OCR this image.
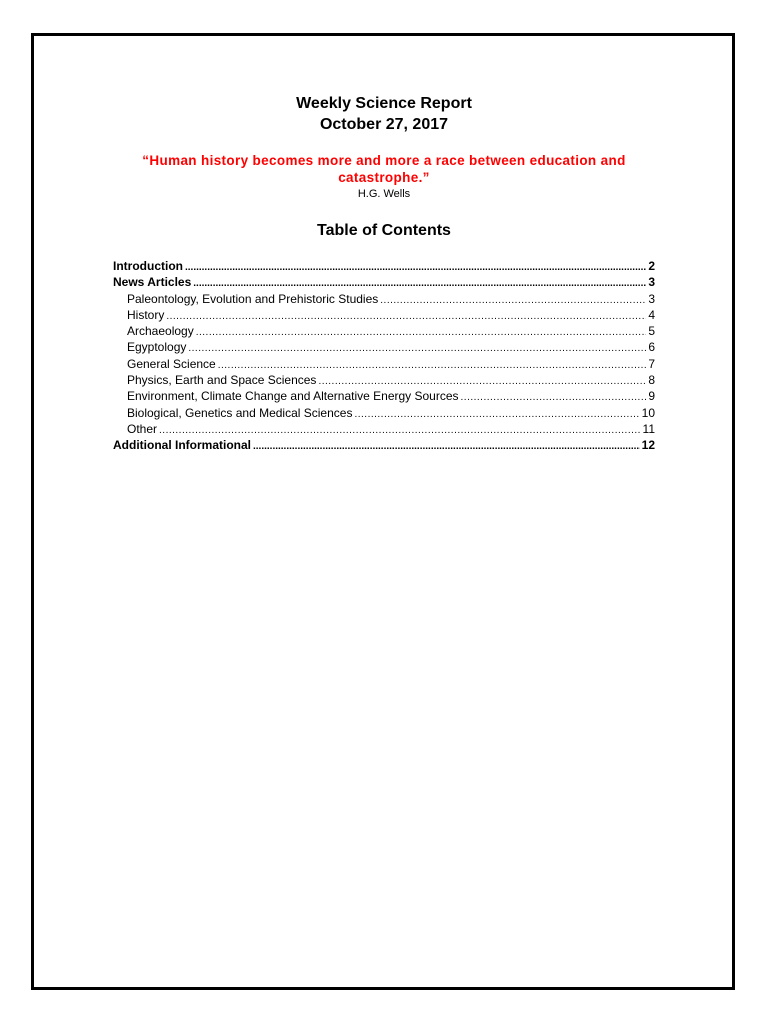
Weekly Science Report

October 27, 2017

“Human history becomes more and more a race between education and catastrophe.”

H.G. Wells

Table of Contents
Introduction .....	2
News Articles .....	3
Paleontology, Evolution and Prehistoric Studies .....	3
History .....	4
Archaeology .....	5
Egyptology .....	6
General Science .....	7
Physics, Earth and Space Sciences .....	8
Environment, Climate Change and Alternative Energy Sources .....	9
Biological, Genetics and Medical Sciences .....	10
Other .....	11
Additional Informational .....	12
